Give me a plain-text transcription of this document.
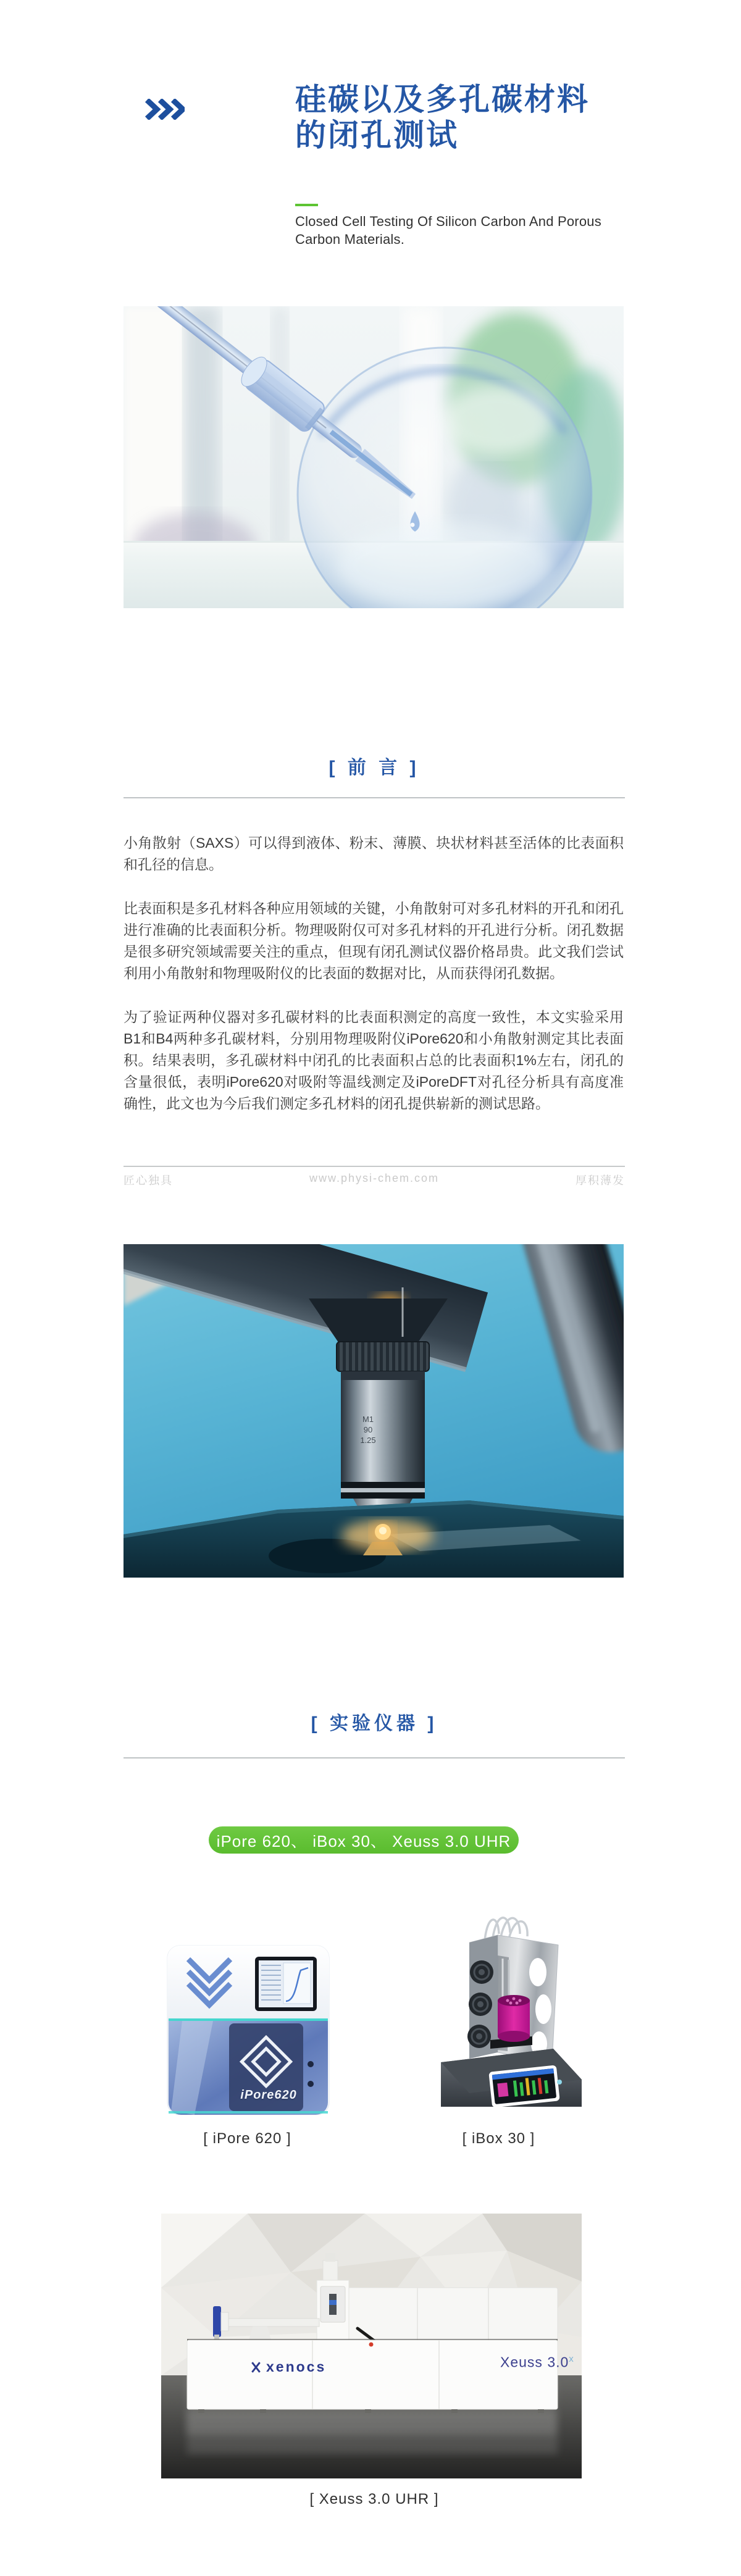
硅碳以及多孔碳材料的闭孔测试

Closed Cell Testing Of Silicon Carbon And Porous Carbon Materials.

[ 前 言 ]

小角散射（SAXS）可以得到液体、粉末、薄膜、块状材料甚至活体的比表面积和孔径的信息。

比表面积是多孔材料各种应用领域的关键，小角散射可对多孔材料的开孔和闭孔进行准确的比表面积分析。物理吸附仅可对多孔材料的开孔进行分析。闭孔数据是很多研究领域需要关注的重点，但现有闭孔测试仪器价格昂贵。此文我们尝试利用小角散射和物理吸附仪的比表面的数据对比，从而获得闭孔数据。

为了验证两种仪器对多孔碳材料的比表面积测定的高度一致性，本文实验采用B1和B4两种多孔碳材料，分别用物理吸附仪iPore620和小角散射测定其比表面积。结果表明，多孔碳材料中闭孔的比表面积占总的比表面积1%左右，闭孔的含量很低，表明iPore620对吸附等温线测定及iPoreDFT对孔径分析具有高度准确性，此文也为今后我们测定多孔材料的闭孔提供崭新的测试思路。

匠心独具	www.physi-chem.com	厚积薄发
M1 90 1.25
[ 实验仪器 ]
iPore 620、 iBox 30、 Xeuss 3.0 UHR
iPore620
[ iPore 620 ]	[ iBox 30 ]
xenocs	Xeuss 3.0$^x$
[ Xeuss 3.0 UHR ]
